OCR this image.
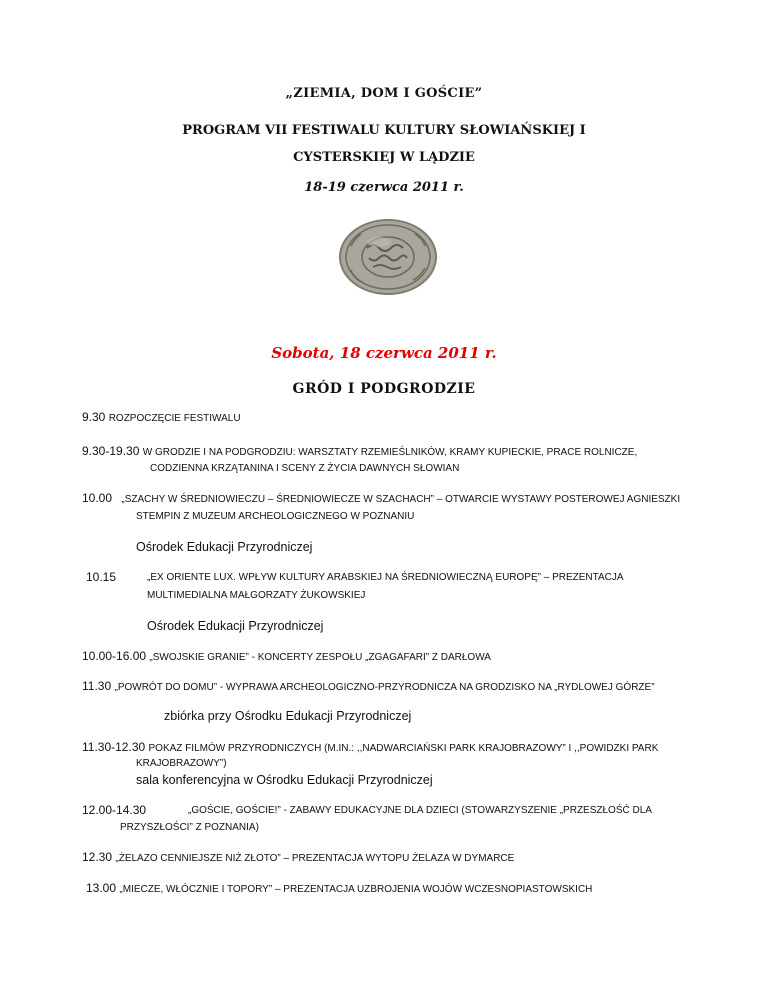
„ZIEMIA, DOM I GOŚCIE”
PROGRAM VII FESTIWALU KULTURY SŁOWIAŃSKIEJ I
CYSTERSKIEJ W LĄDZIE
18-19 czerwca 2011 r.
Sobota, 18 czerwca 2011 r.
GRÓD I PODGRODZIE
9.30 ROZPOCZĘCIE FESTIWALU
9.30-19.30 W GRODZIE I NA PODGRODZIU: WARSZTATY RZEMIEŚLNIKÓW, KRAMY KUPIECKIE, PRACE ROLNICZE,
CODZIENNA KRZĄTANINA I SCENY Z ŻYCIA DAWNYCH SŁOWIAN
10.00 „SZACHY W ŚREDNIOWIECZU – ŚREDNIOWIECZE W SZACHACH” – OTWARCIE WYSTAWY POSTEROWEJ AGNIESZKI
STEMPIN Z MUZEUM ARCHEOLOGICZNEGO W POZNANIU
Ośrodek Edukacji Przyrodniczej
10.15	„EX ORIENTE LUX. WPŁYW KULTURY ARABSKIEJ NA ŚREDNIOWIECZNĄ EUROPĘ” – PREZENTACJA
MULTIMEDIALNA MAŁGORZATY ŻUKOWSKIEJ
Ośrodek Edukacji Przyrodniczej
10.00-16.00 „SWOJSKIE GRANIE” - KONCERTY ZESPOŁU „ZGAGAFARI” Z DARŁOWA
11.30 „POWRÓT DO DOMU” - WYPRAWA ARCHEOLOGICZNO-PRZYRODNICZA NA GRODZISKO NA „RYDLOWEJ GÓRZE”
zbiórka przy Ośrodku Edukacji Przyrodniczej
11.30-12.30 POKAZ FILMÓW PRZYRODNICZYCH (M.IN.: ,,NADWARCIAŃSKI PARK KRAJOBRAZOWY” I ,,POWIDZKI PARK
KRAJOBRAZOWY”)
sala konferencyjna w Ośrodku Edukacji Przyrodniczej
12.00-14.30	„GOŚCIE, GOŚCIE!” - ZABAWY EDUKACYJNE DLA DZIECI (STOWARZYSZENIE „PRZESZŁOŚĆ DLA
PRZYSZŁOŚCI” Z POZNANIA)
12.30 „ŻELAZO CENNIEJSZE NIŻ ZŁOTO” – PREZENTACJA WYTOPU ŻELAZA W DYMARCE
13.00 „MIECZE, WŁÓCZNIE I TOPORY” – PREZENTACJA UZBROJENIA WOJÓW WCZESNOPIASTOWSKICH
